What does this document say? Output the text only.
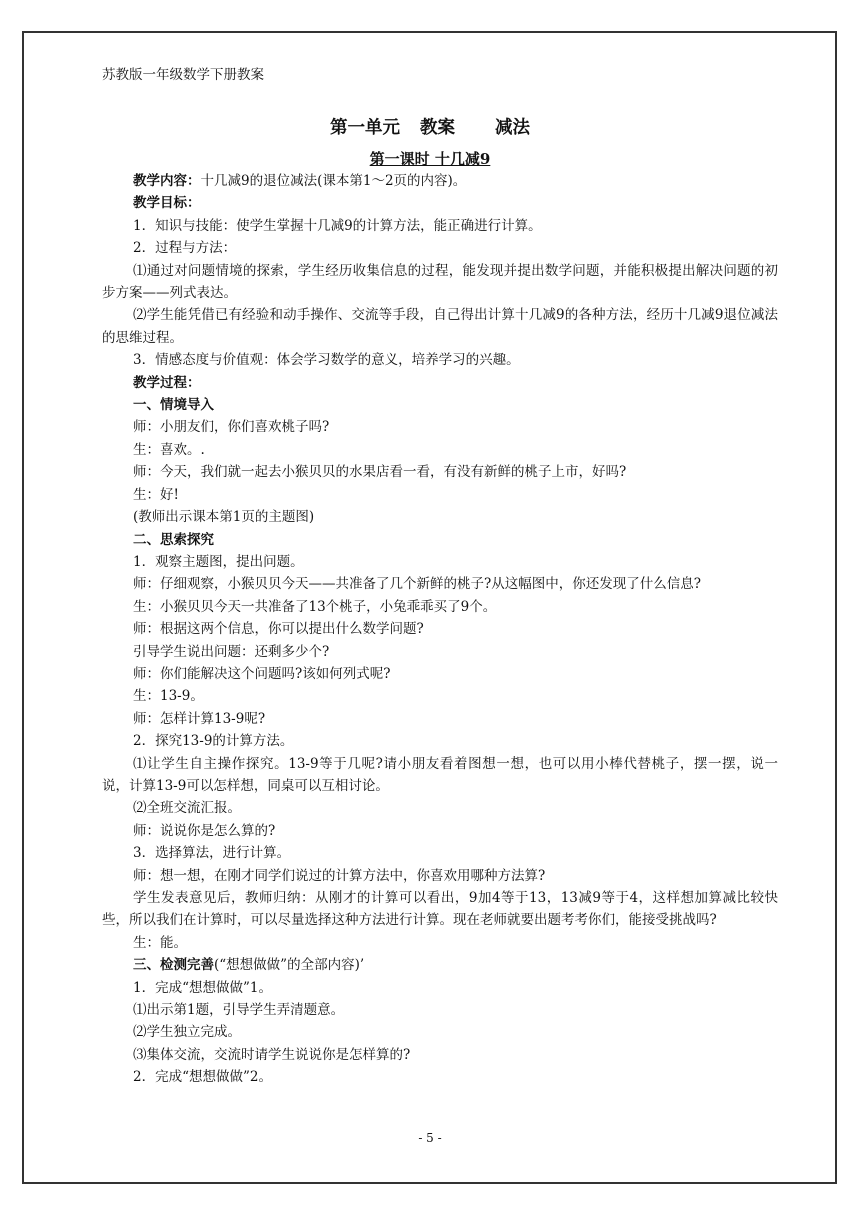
苏教版一年级数学下册教案
第一单元 教案 减法
第一课时 十几减9

教学内容：十几减9的退位减法(课本第1～2页的内容)。

教学目标：

1．知识与技能：使学生掌握十几减9的计算方法，能正确进行计算。

2．过程与方法：

⑴通过对问题情境的探索，学生经历收集信息的过程，能发现并提出数学问题，并能积极提出解决问题的初步方案——列式表达。

⑵学生能凭借已有经验和动手操作、交流等手段，自己得出计算十几减9的各种方法，经历十几减9退位减法的思维过程。

3．情感态度与价值观：体会学习数学的意义，培养学习的兴趣。

教学过程：

一、情境导入

师：小朋友们，你们喜欢桃子吗?

生：喜欢。.

师：今天，我们就一起去小猴贝贝的水果店看一看，有没有新鲜的桃子上市，好吗?

生：好!

(教师出示课本第1页的主题图)

二、思索探究

1．观察主题图，提出问题。

师：仔细观察，小猴贝贝今天——共准备了几个新鲜的桃子?从这幅图中，你还发现了什么信息?

生：小猴贝贝今天一共准备了13个桃子，小兔乖乖买了9个。

师：根据这两个信息，你可以提出什么数学问题?

引导学生说出问题：还剩多少个?

师：你们能解决这个问题吗?该如何列式呢?

生：13-9。

师：怎样计算13-9呢?

2．探究13-9的计算方法。

⑴让学生自主操作探究。13-9等于几呢?请小朋友看着图想一想，也可以用小棒代替桃子，摆一摆，说一说，计算13-9可以怎样想，同桌可以互相讨论。

⑵全班交流汇报。

师：说说你是怎么算的?

3．选择算法，进行计算。

师：想一想，在刚才同学们说过的计算方法中，你喜欢用哪种方法算?

学生发表意见后，教师归纳：从刚才的计算可以看出，9加4等于13，13减9等于4，这样想加算减比较快些，所以我们在计算时，可以尽量选择这种方法进行计算。现在老师就要出题考考你们，能接受挑战吗?

生：能。

三、检测完善(“想想做做”的全部内容)’

1．完成“想想做做”1。

⑴出示第1题，引导学生弄清题意。

⑵学生独立完成。

⑶集体交流，交流时请学生说说你是怎样算的?

2．完成“想想做做”2。

- 5 -
